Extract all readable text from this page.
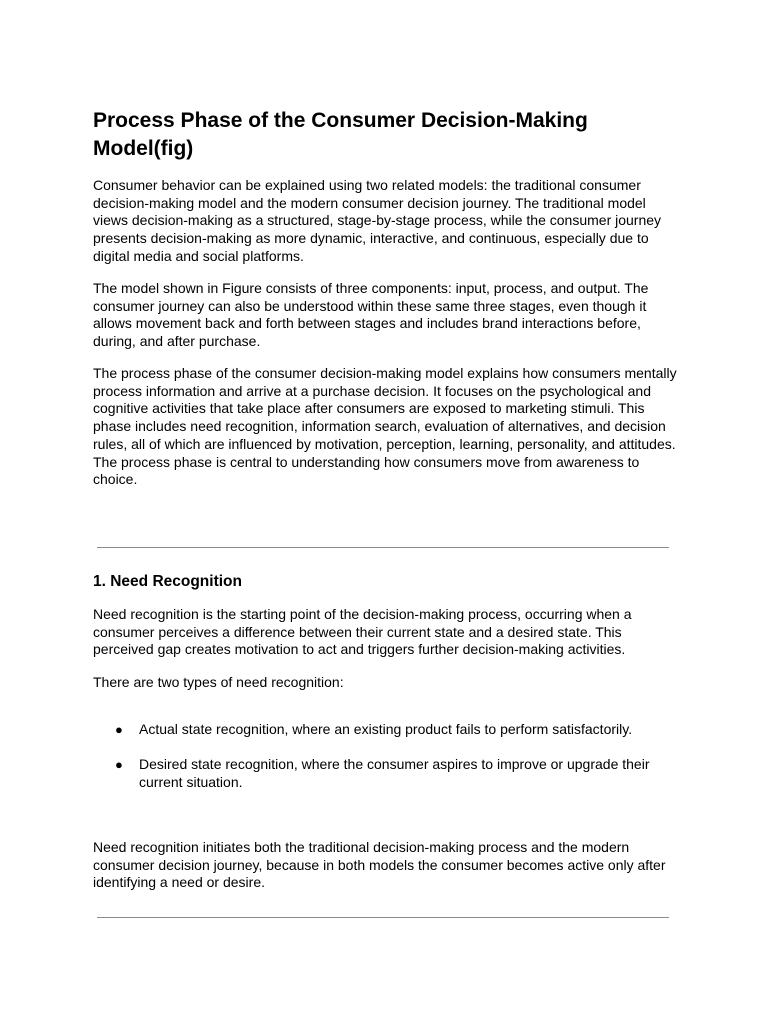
Process Phase of the Consumer Decision-Making Model(fig)

Consumer behavior can be explained using two related models: the traditional consumer decision-making model and the modern consumer decision journey. The traditional model views decision-making as a structured, stage-by-stage process, while the consumer journey presents decision-making as more dynamic, interactive, and continuous, especially due to digital media and social platforms.

The model shown in Figure consists of three components: input, process, and output. The consumer journey can also be understood within these same three stages, even though it allows movement back and forth between stages and includes brand interactions before, during, and after purchase.

The process phase of the consumer decision-making model explains how consumers mentally process information and arrive at a purchase decision. It focuses on the psychological and cognitive activities that take place after consumers are exposed to marketing stimuli. This phase includes need recognition, information search, evaluation of alternatives, and decision rules, all of which are influenced by motivation, perception, learning, personality, and attitudes. The process phase is central to understanding how consumers move from awareness to choice.

1. Need Recognition

Need recognition is the starting point of the decision-making process, occurring when a consumer perceives a difference between their current state and a desired state. This perceived gap creates motivation to act and triggers further decision-making activities.

There are two types of need recognition:

●	Actual state recognition, where an existing product fails to perform satisfactorily.
●	Desired state recognition, where the consumer aspires to improve or upgrade their current situation.

Need recognition initiates both the traditional decision-making process and the modern consumer decision journey, because in both models the consumer becomes active only after identifying a need or desire.
